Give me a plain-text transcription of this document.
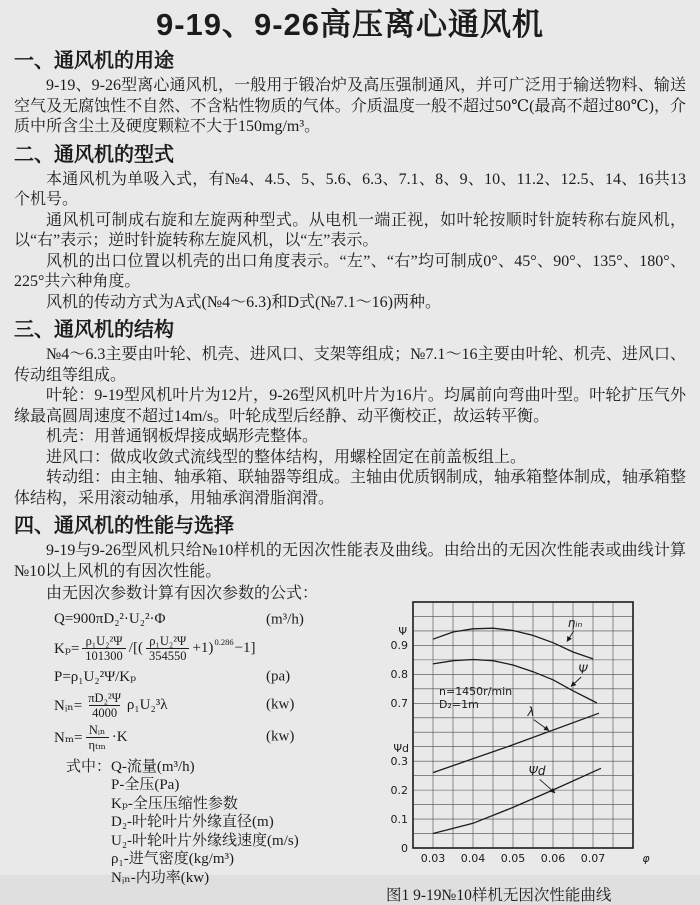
9-19、9-26高压离心通风机
一、通风机的用途

9-19、9-26型离心通风机，一般用于锻冶炉及高压强制通风，并可广泛用于输送物料、输送空气及无腐蚀性不自然、不含粘性物质的气体。介质温度一般不超过50℃(最高不超过80℃)，介质中所含尘土及硬度颗粒不大于150mg/m³。

二、通风机的型式

本通风机为单吸入式，有№4、4.5、5、5.6、6.3、7.1、8、9、10、11.2、12.5、14、16共13个机号。

通风机可制成右旋和左旋两种型式。从电机一端正视，如叶轮按顺时针旋转称右旋风机，以“右”表示；逆时针旋转称左旋风机，以“左”表示。

风机的出口位置以机壳的出口角度表示。“左”、“右”均可制成0°、45°、90°、135°、180°、225°共六种角度。

风机的传动方式为A式(№4～6.3)和D式(№7.1～16)两种。

三、通风机的结构

№4～6.3主要由叶轮、机壳、进风口、支架等组成；№7.1～16主要由叶轮、机壳、进风口、传动组等组成。

叶轮：9-19型风机叶片为12片，9-26型风机叶片为16片。均属前向弯曲叶型。叶轮扩压气外缘最高圆周速度不超过14m/s。叶轮成型后经静、动平衡校正，故运转平衡。

机壳：用普通钢板焊接成蜗形壳整体。

进风口：做成收敛式流线型的整体结构，用螺栓固定在前盖板组上。

转动组：由主轴、轴承箱、联轴器等组成。主轴由优质钢制成，轴承箱整体制成，轴承箱整体结构，采用滚动轴承，用轴承润滑脂润滑。

四、通风机的性能与选择

9-19与9-26型风机只给№10样机的无因次性能表及曲线。由给出的无因次性能表或曲线计算№10以上风机的有因次性能。

由无因次参数计算有因次参数的公式：

Q=900πD₂²·U₂²·Φ	(m³/h)
$K_p= \frac{\text{ρ₁U₂²Ψ}}{101300}$ /[( $\frac{\text{ρ₁U₂²Ψ}}{354550} +1$) 0.286 −1]
P=ρ₁U₂²Ψ/Kₚ	(pa)
Nᵢₙ= $\frac{\text{πD₂²Ψ}}{4000} \rho_1U_2^3\lambda$	(kw)
$N_m= \frac{\text{Nᵢₙ}}{\text{ηₜₘ}} \cdot K$	(kw)
式中：Q-流量(m³/h)
P-全压(Pa)
Kₚ-全压压缩性参数
D₂-叶轮叶片外缘直径(m)
U₂-叶轮叶片外缘线速度(m/s)
ρ₁-进气密度(kg/m³)
Nᵢₙ-内功率(kw)
ηᵢₙ
Ψ
λ
Ψd
n=1450r/min
D₂=1m
0.03 0.04 0.05 0.06 0.07	φ
Ψ
0.9
0.8
0.7
Ψd
0.3
0.2
0.1
0
图1 9-19№10样机无因次性能曲线
